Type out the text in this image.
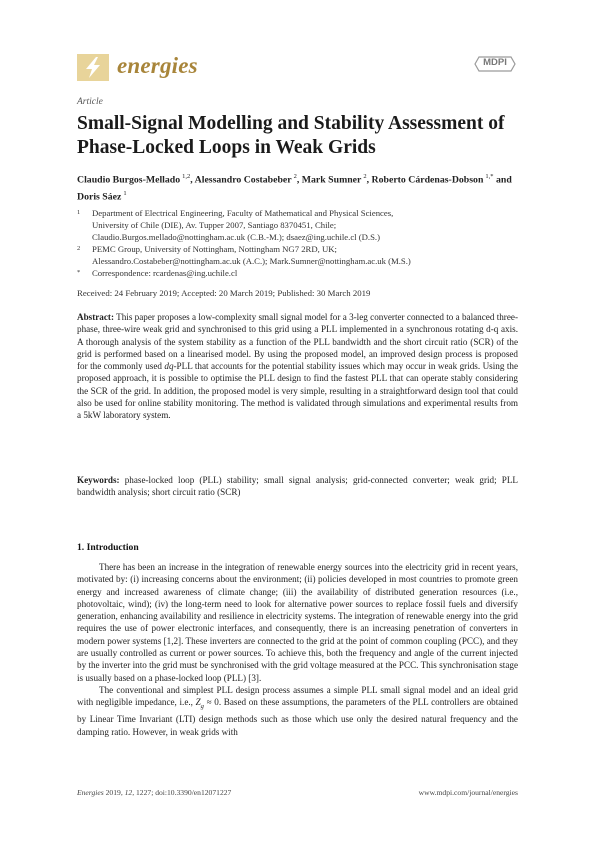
energies	MDPI
Article
Small-Signal Modelling and Stability Assessment of Phase-Locked Loops in Weak Grids
Claudio Burgos-Mellado $^{1,2}$, Alessandro Costabeber $^2$, Mark Sumner $^2$, Roberto Cárdenas-Dobson $^{1,*}$ and Doris Sáez $^1$
1 Department of Electrical Engineering, Faculty of Mathematical and Physical Sciences,
University of Chile (DIE), Av. Tupper 2007, Santiago 8370451, Chile;
Claudio.Burgos.mellado@nottingham.ac.uk (C.B.-M.); dsaez@ing.uchile.cl (D.S.)
2 PEMC Group, University of Nottingham, Nottingham NG7 2RD, UK;
Alessandro.Costabeber@nottingham.ac.uk (A.C.); Mark.Sumner@nottingham.ac.uk (M.S.)
* Correspondence: rcardenas@ing.uchile.cl
Received: 24 February 2019; Accepted: 20 March 2019; Published: 30 March 2019
Abstract: This paper proposes a low-complexity small signal model for a 3-leg converter connected to a balanced three-phase, three-wire weak grid and synchronised to this grid using a PLL implemented in a synchronous rotating d-q axis. A thorough analysis of the system stability as a function of the PLL bandwidth and the short circuit ratio (SCR) of the grid is performed based on a linearised model. By using the proposed model, an improved design process is proposed for the commonly used dq-PLL that accounts for the potential stability issues which may occur in weak grids. Using the proposed approach, it is possible to optimise the PLL design to find the fastest PLL that can operate stably considering the SCR of the grid. In addition, the proposed model is very simple, resulting in a straightforward design tool that could also be used for online stability monitoring. The method is validated through simulations and experimental results from a 5kW laboratory system.
Keywords: phase-locked loop (PLL) stability; small signal analysis; grid-connected converter; weak grid; PLL bandwidth analysis; short circuit ratio (SCR)
1. Introduction
There has been an increase in the integration of renewable energy sources into the electricity grid in recent years, motivated by: (i) increasing concerns about the environment; (ii) policies developed in most countries to promote green energy and increased awareness of climate change; (iii) the availability of distributed generation resources (i.e., photovoltaic, wind); (iv) the long-term need to look for alternative power sources to replace fossil fuels and diversify generation, enhancing availability and resilience in electricity systems. The integration of renewable energy into the grid requires the use of power electronic interfaces, and consequently, there is an increasing penetration of converters in modern power systems [1,2]. These inverters are connected to the grid at the point of common coupling (PCC), and they are usually controlled as current or power sources. To achieve this, both the frequency and angle of the current injected by the inverter into the grid must be synchronised with the grid voltage measured at the PCC. This synchronisation stage is usually based on a phase-locked loop (PLL) [3].
The conventional and simplest PLL design process assumes a simple PLL small signal model and an ideal grid with negligible impedance, i.e., $Z_g \approx 0$. Based on these assumptions, the parameters of the PLL controllers are obtained by Linear Time Invariant (LTI) design methods such as those which use only the desired natural frequency and the damping ratio. However, in weak grids with
Energies 2019, 12, 1227; doi:10.3390/en12071227	www.mdpi.com/journal/energies
